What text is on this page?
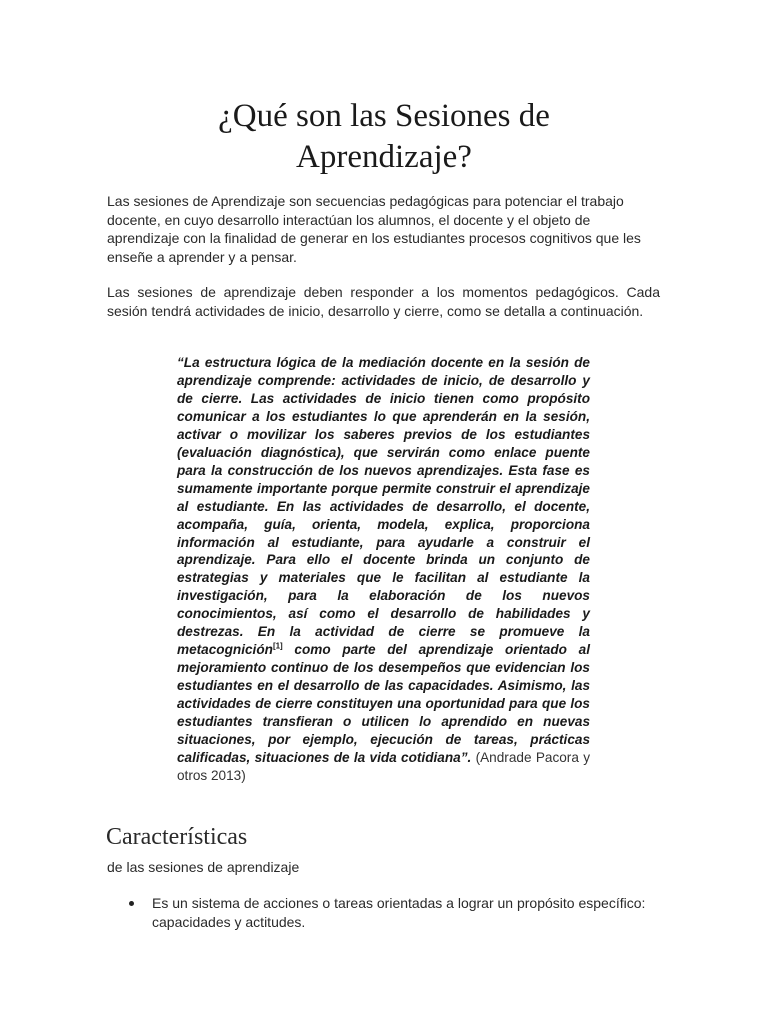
¿Qué son las Sesiones de
Aprendizaje?

Las sesiones de Aprendizaje son secuencias pedagógicas para potenciar el trabajo docente, en cuyo desarrollo interactúan los alumnos, el docente y el objeto de aprendizaje con la finalidad de generar en los estudiantes procesos cognitivos que les enseñe a aprender y a pensar.

Las sesiones de aprendizaje deben responder a los momentos pedagógicos. Cada sesión tendrá actividades de inicio, desarrollo y cierre, como se detalla a continuación.

“La estructura lógica de la mediación docente en la sesión de aprendizaje comprende: actividades de inicio, de desarrollo y de cierre. Las actividades de inicio tienen como propósito comunicar a los estudiantes lo que aprenderán en la sesión, activar o movilizar los saberes previos de los estudiantes (evaluación diagnóstica), que servirán como enlace puente para la construcción de los nuevos aprendizajes. Esta fase es sumamente importante porque permite construir el aprendizaje al estudiante. En las actividades de desarrollo, el docente, acompaña, guía, orienta, modela, explica, proporciona información al estudiante, para ayudarle a construir el aprendizaje. Para ello el docente brinda un conjunto de estrategias y materiales que le facilitan al estudiante la investigación, para la elaboración de los nuevos conocimientos, así como el desarrollo de habilidades y destrezas. En la actividad de cierre se promueve la metacognición[1] como parte del aprendizaje orientado al mejoramiento continuo de los desempeños que evidencian los estudiantes en el desarrollo de las capacidades. Asimismo, las actividades de cierre constituyen una oportunidad para que los estudiantes transfieran o utilicen lo aprendido en nuevas situaciones, por ejemplo, ejecución de tareas, prácticas calificadas, situaciones de la vida cotidiana”. (Andrade Pacora y otros 2013)

Características

de las sesiones de aprendizaje

Es un sistema de acciones o tareas orientadas a lograr un propósito específico: capacidades y actitudes.
